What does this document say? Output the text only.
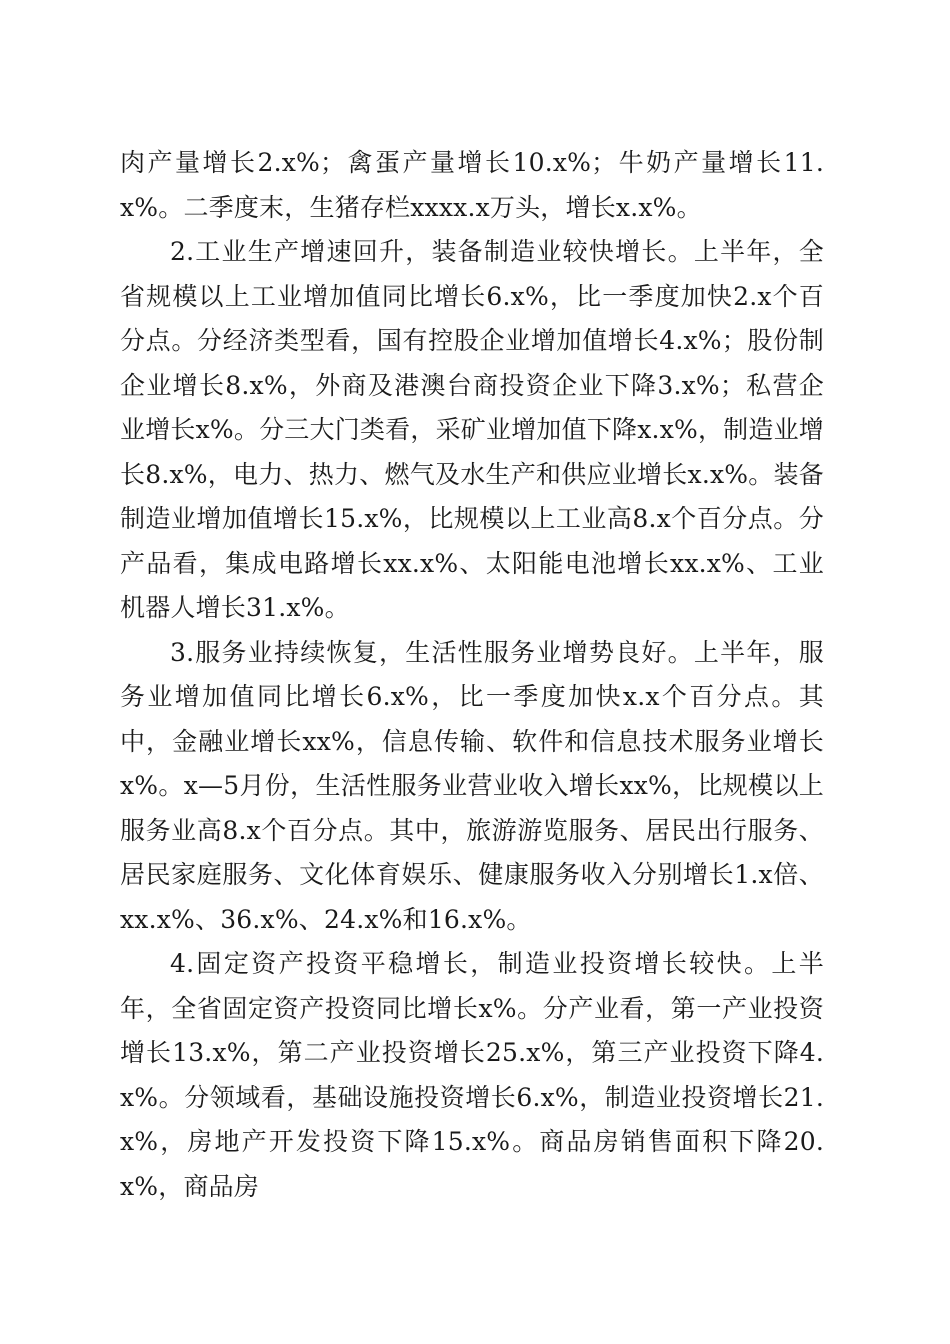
肉产量增长2.x%；禽蛋产量增长10.x%；牛奶产量增长11.x%。二季度末，生猪存栏xxxx.x万头，增长x.x%。

2.工业生产增速回升，装备制造业较快增长。上半年，全省规模以上工业增加值同比增长6.x%，比一季度加快2.x个百分点。分经济类型看，国有控股企业增加值增长4.x%；股份制企业增长8.x%，外商及港澳台商投资企业下降3.x%；私营企业增长x%。分三大门类看，采矿业增加值下降x.x%，制造业增长8.x%，电力、热力、燃气及水生产和供应业增长x.x%。装备制造业增加值增长15.x%，比规模以上工业高8.x个百分点。分产品看，集成电路增长xx.x%、太阳能电池增长xx.x%、工业机器人增长31.x%。

3.服务业持续恢复，生活性服务业增势良好。上半年，服务业增加值同比增长6.x%，比一季度加快x.x个百分点。其中，金融业增长xx%，信息传输、软件和信息技术服务业增长x%。x—5月份，生活性服务业营业收入增长xx%，比规模以上服务业高8.x个百分点。其中，旅游游览服务、居民出行服务、居民家庭服务、文化体育娱乐、健康服务收入分别增长1.x倍、xx.x%、36.x%、24.x%和16.x%。

4.固定资产投资平稳增长，制造业投资增长较快。上半年，全省固定资产投资同比增长x%。分产业看，第一产业投资增长13.x%，第二产业投资增长25.x%，第三产业投资下降4.x%。分领域看，基础设施投资增长6.x%，制造业投资增长21.x%，房地产开发投资下降15.x%。商品房销售面积下降20.x%，商品房
